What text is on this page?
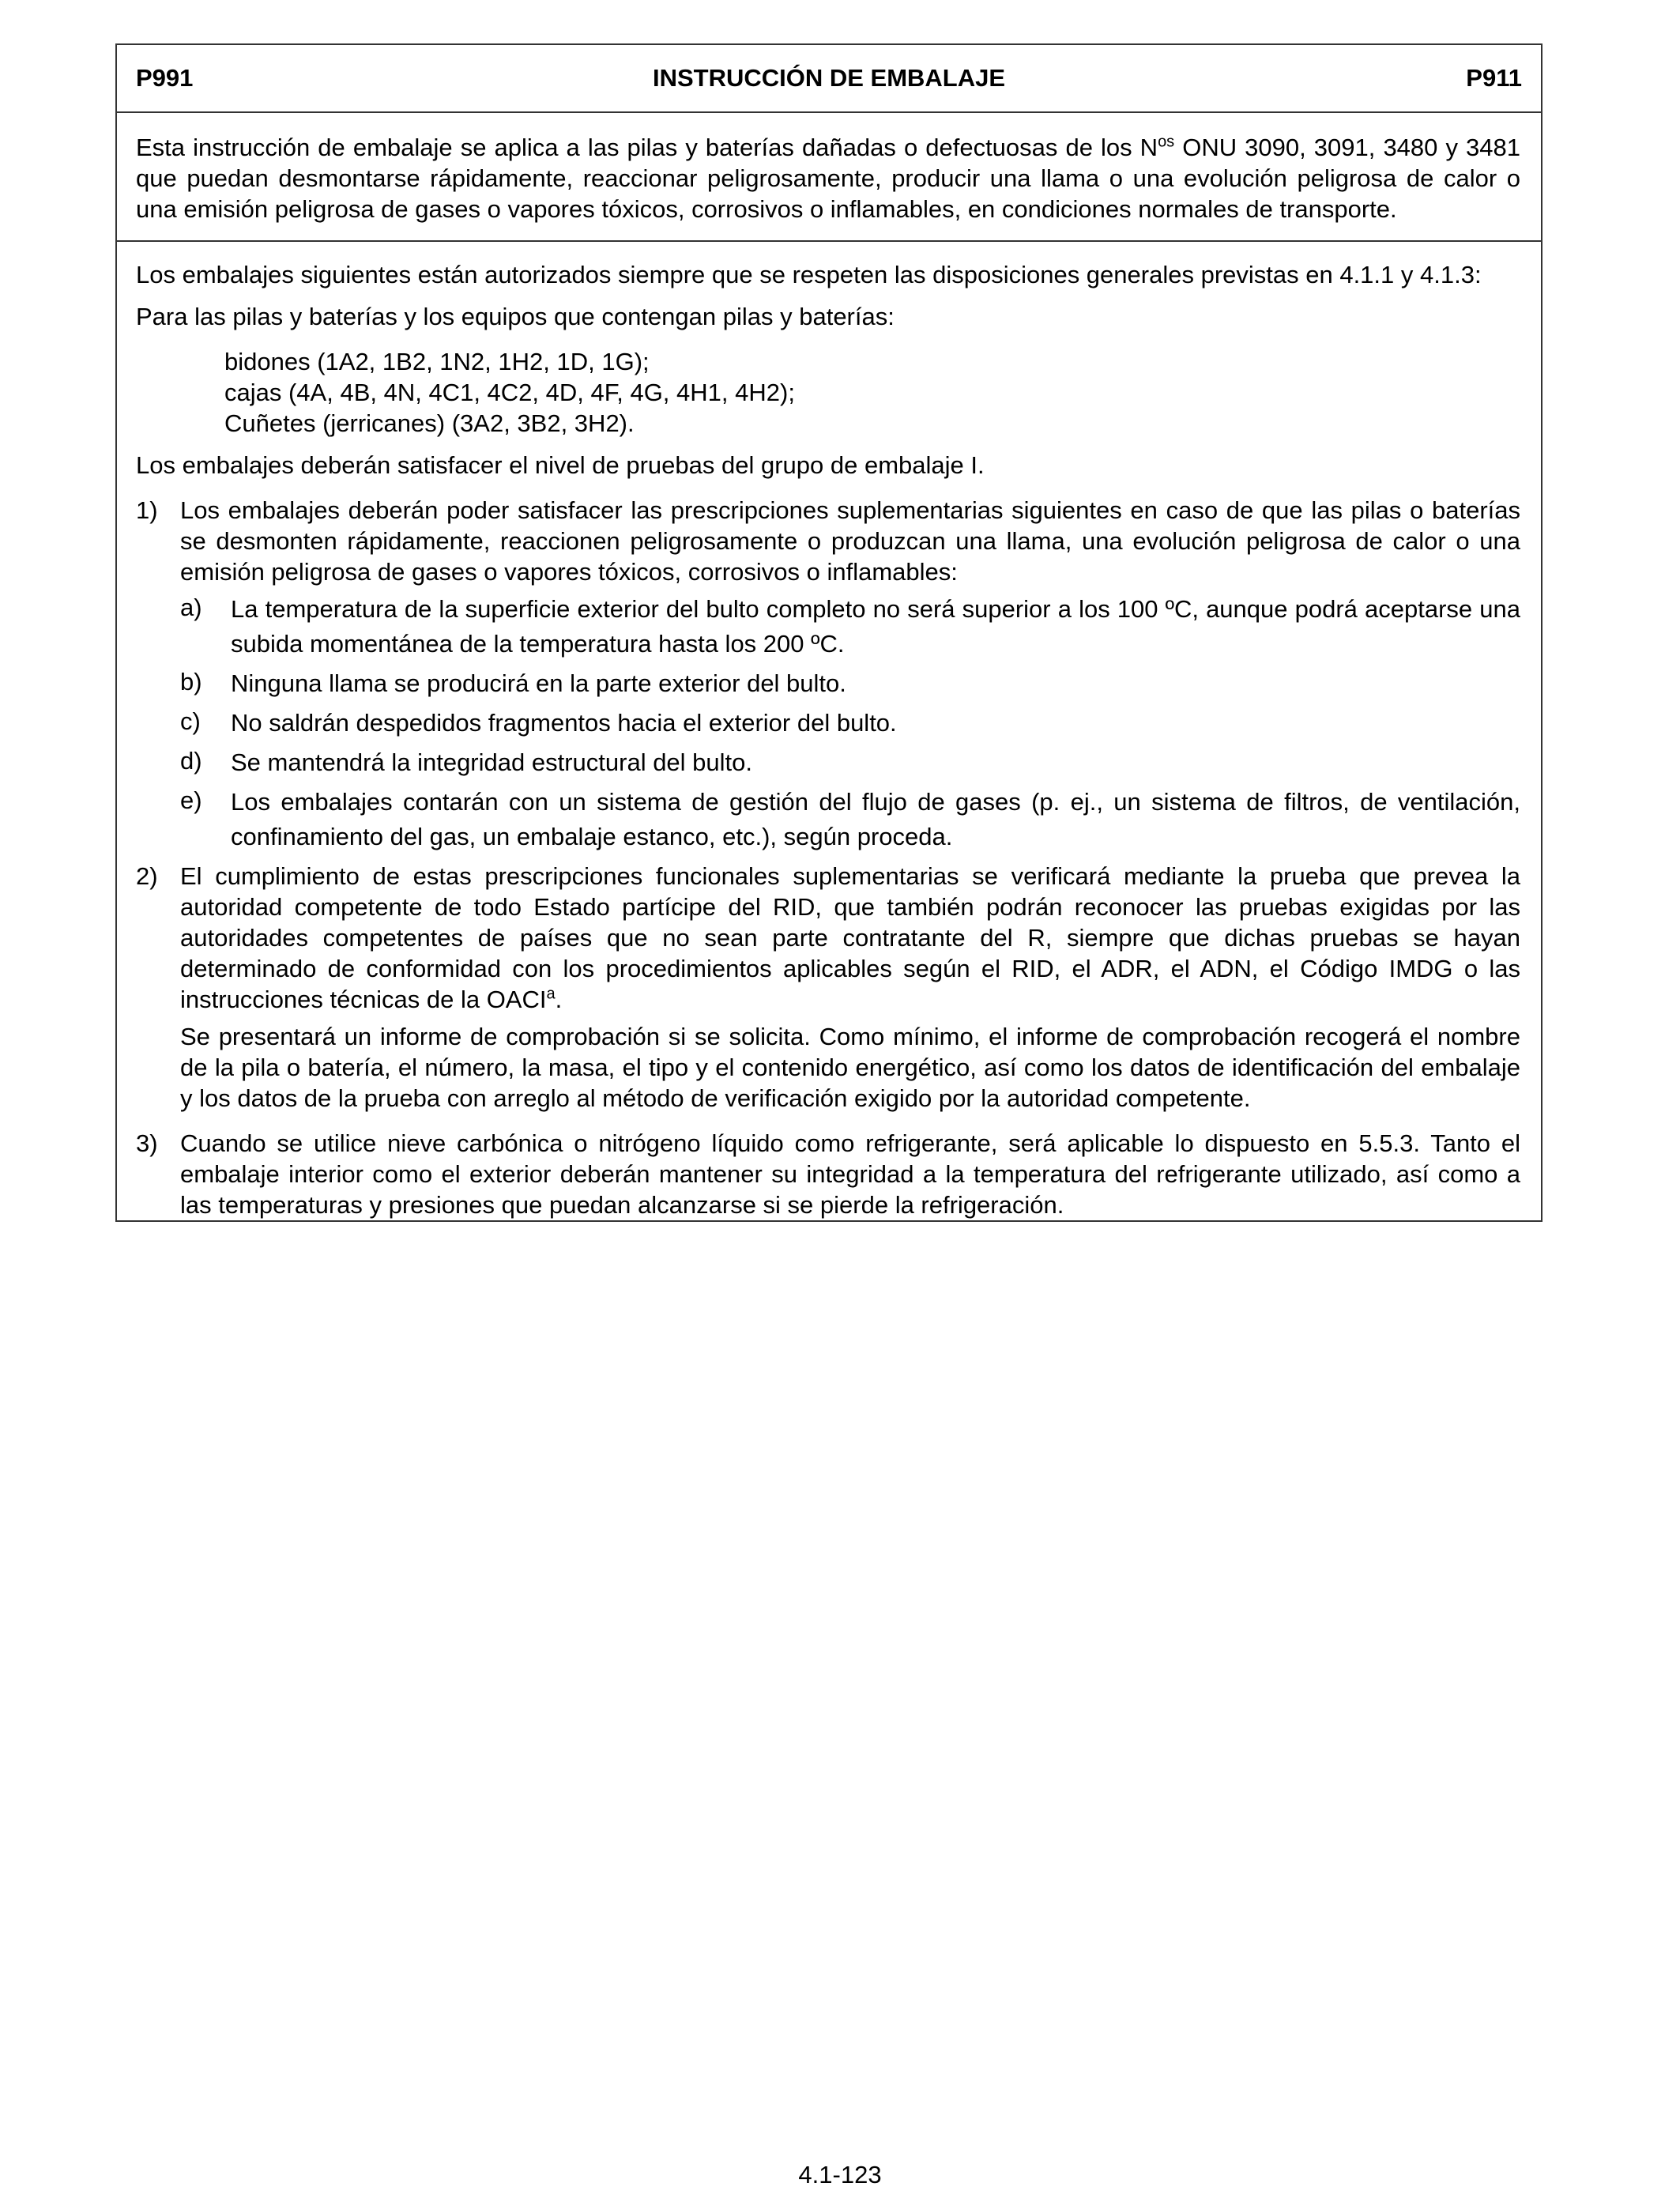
P991	INSTRUCCIÓN DE EMBALAJE	P911

Esta instrucción de embalaje se aplica a las pilas y baterías dañadas o defectuosas de los $N^{os}$ ONU 3090, 3091, 3480 y 3481 que puedan desmontarse rápidamente, reaccionar peligrosamente, producir una llama o una evolución peligrosa de calor o una emisión peligrosa de gases o vapores tóxicos, corrosivos o inflamables, en condiciones normales de transporte.

Los embalajes siguientes están autorizados siempre que se respeten las disposiciones generales previstas en 4.1.1 y 4.1.3:

Para las pilas y baterías y los equipos que contengan pilas y baterías:

bidones (1A2, 1B2, 1N2, 1H2, 1D, 1G);
cajas (4A, 4B, 4N, 4C1, 4C2, 4D, 4F, 4G, 4H1, 4H2);
Cuñetes (jerricanes) (3A2, 3B2, 3H2).

Los embalajes deberán satisfacer el nivel de pruebas del grupo de embalaje I.

1) Los embalajes deberán poder satisfacer las prescripciones suplementarias siguientes en caso de que las pilas o baterías se desmonten rápidamente, reaccionen peligrosamente o produzcan una llama, una evolución peligrosa de calor o una emisión peligrosa de gases o vapores tóxicos, corrosivos o inflamables:

a)	La temperatura de la superficie exterior del bulto completo no será superior a los 100 ºC, aunque podrá aceptarse una subida momentánea de la temperatura hasta los 200 ºC.
b)	Ninguna llama se producirá en la parte exterior del bulto.
c)	No saldrán despedidos fragmentos hacia el exterior del bulto.
d)	Se mantendrá la integridad estructural del bulto.
e)	Los embalajes contarán con un sistema de gestión del flujo de gases (p. ej., un sistema de filtros, de ventilación, confinamiento del gas, un embalaje estanco, etc.), según proceda.
2) El cumplimiento de estas prescripciones funcionales suplementarias se verificará mediante la prueba que prevea la autoridad competente de todo Estado partícipe del RID, que también podrán reconocer las pruebas exigidas por las autoridades competentes de países que no sean parte contratante del R, siempre que dichas pruebas se hayan determinado de conformidad con los procedimientos aplicables según el RID, el ADR, el ADN, el Código IMDG o las instrucciones técnicas de la OACI$^a$.

Se presentará un informe de comprobación si se solicita. Como mínimo, el informe de comprobación recogerá el nombre de la pila o batería, el número, la masa, el tipo y el contenido energético, así como los datos de identificación del embalaje y los datos de la prueba con arreglo al método de verificación exigido por la autoridad competente.

3) Cuando se utilice nieve carbónica o nitrógeno líquido como refrigerante, será aplicable lo dispuesto en 5.5.3. Tanto el embalaje interior como el exterior deberán mantener su integridad a la temperatura del refrigerante utilizado, así como a las temperaturas y presiones que puedan alcanzarse si se pierde la refrigeración.

4.1-123
